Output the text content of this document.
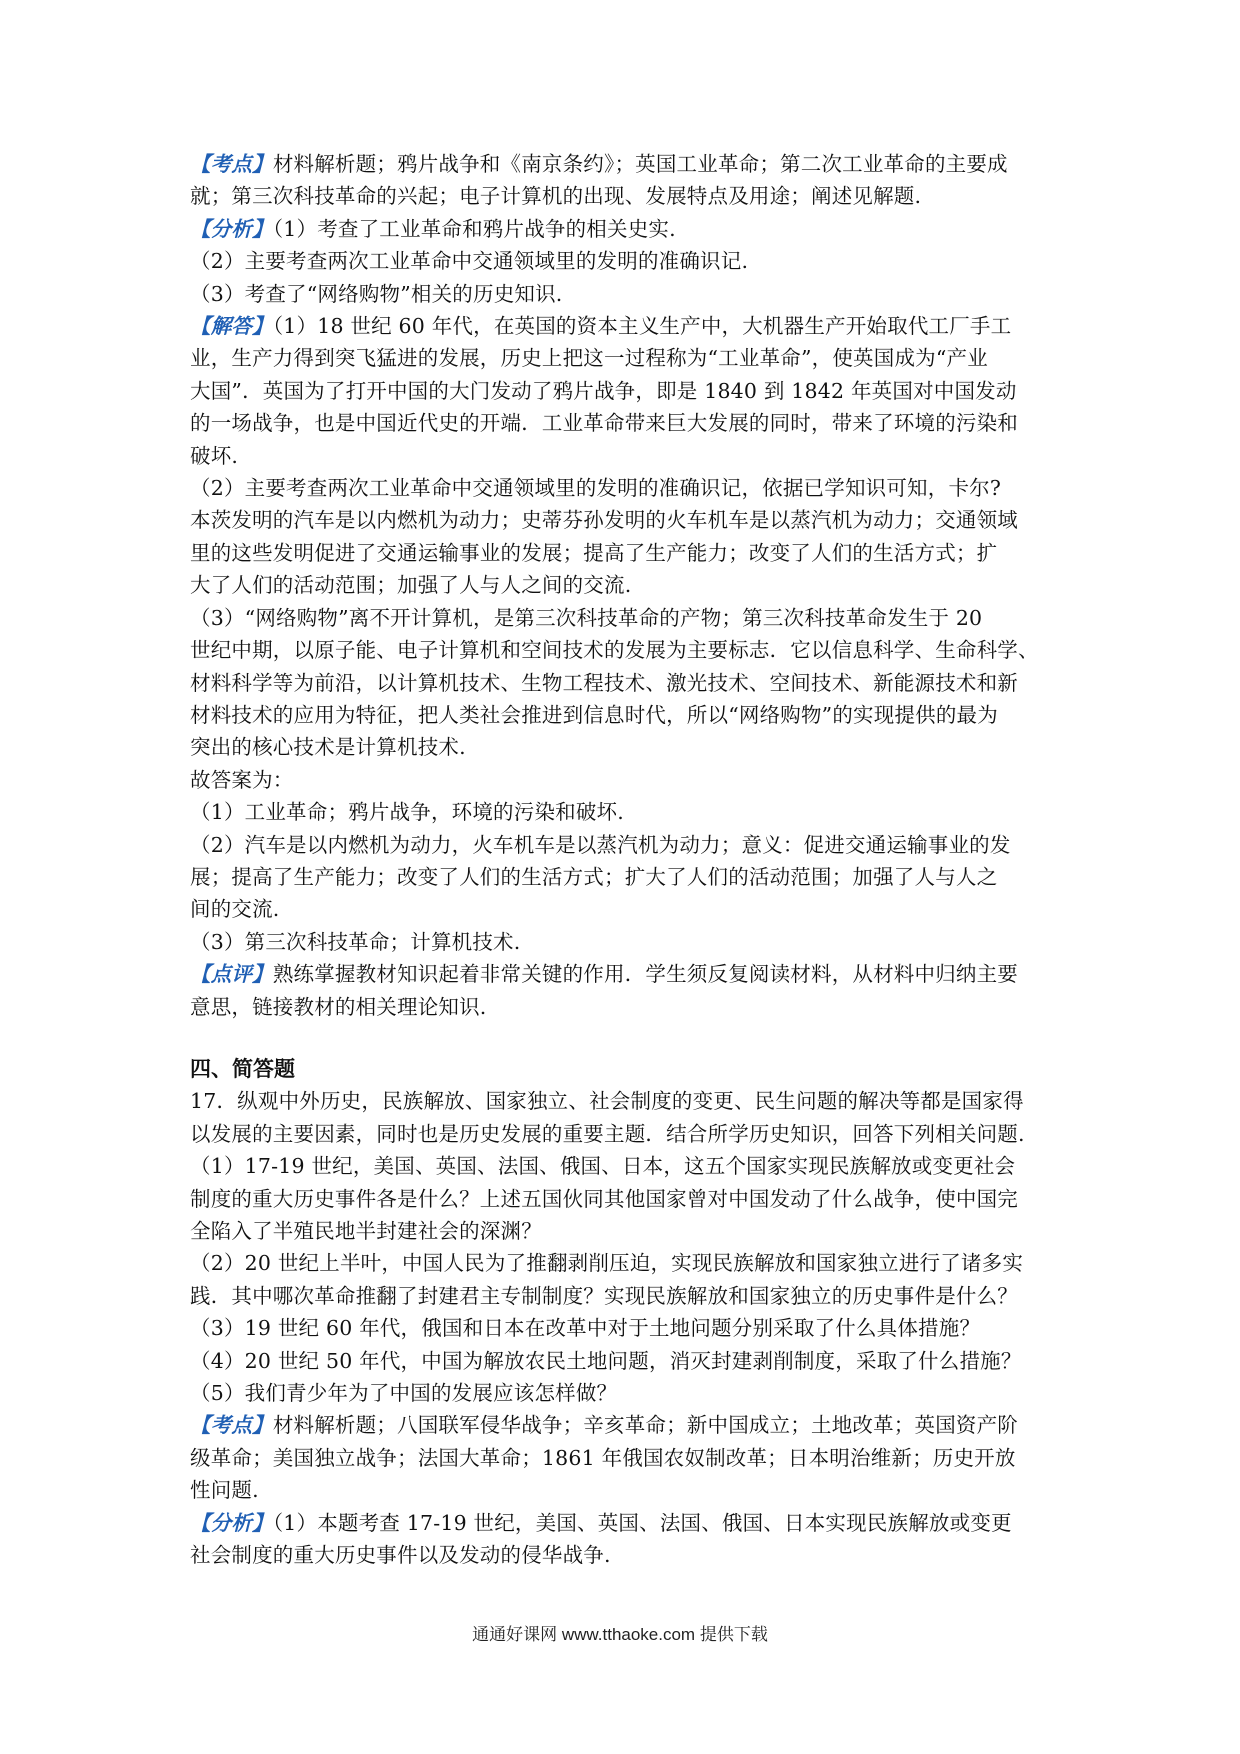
【考点】材料解析题；鸦片战争和《南京条约》；英国工业革命；第二次工业革命的主要成
就；第三次科技革命的兴起；电子计算机的出现、发展特点及用途；阐述见解题.
【分析】（1）考查了工业革命和鸦片战争的相关史实.
（2）主要考查两次工业革命中交通领域里的发明的准确识记.
（3）考查了“网络购物”相关的历史知识.
【解答】（1）18 世纪 60 年代，在英国的资本主义生产中，大机器生产开始取代工厂手工
业，生产力得到突飞猛进的发展，历史上把这一过程称为“工业革命”，使英国成为“产业
大国”．英国为了打开中国的大门发动了鸦片战争，即是 1840 到 1842 年英国对中国发动
的一场战争，也是中国近代史的开端．工业革命带来巨大发展的同时，带来了环境的污染和
破坏.
（2）主要考查两次工业革命中交通领域里的发明的准确识记，依据已学知识可知，卡尔?
本茨发明的汽车是以内燃机为动力；史蒂芬孙发明的火车机车是以蒸汽机为动力；交通领域
里的这些发明促进了交通运输事业的发展；提高了生产能力；改变了人们的生活方式；扩
大了人们的活动范围；加强了人与人之间的交流.
（3）“网络购物”离不开计算机，是第三次科技革命的产物；第三次科技革命发生于 20
世纪中期，以原子能、电子计算机和空间技术的发展为主要标志．它以信息科学、生命科学、
材料科学等为前沿，以计算机技术、生物工程技术、激光技术、空间技术、新能源技术和新
材料技术的应用为特征，把人类社会推进到信息时代，所以“网络购物”的实现提供的最为
突出的核心技术是计算机技术.
故答案为：
（1）工业革命；鸦片战争，环境的污染和破坏.
（2）汽车是以内燃机为动力，火车机车是以蒸汽机为动力；意义：促进交通运输事业的发
展；提高了生产能力；改变了人们的生活方式；扩大了人们的活动范围；加强了人与人之
间的交流.
（3）第三次科技革命；计算机技术.
【点评】熟练掌握教材知识起着非常关键的作用．学生须反复阅读材料，从材料中归纳主要
意思，链接教材的相关理论知识.
四、简答题
17．纵观中外历史，民族解放、国家独立、社会制度的变更、民生问题的解决等都是国家得
以发展的主要因素，同时也是历史发展的重要主题．结合所学历史知识，回答下列相关问题.
（1）17-19 世纪，美国、英国、法国、俄国、日本，这五个国家实现民族解放或变更社会
制度的重大历史事件各是什么？上述五国伙同其他国家曾对中国发动了什么战争，使中国完
全陷入了半殖民地半封建社会的深渊？
（2）20 世纪上半叶，中国人民为了推翻剥削压迫，实现民族解放和国家独立进行了诸多实
践．其中哪次革命推翻了封建君主专制制度？实现民族解放和国家独立的历史事件是什么？
（3）19 世纪 60 年代，俄国和日本在改革中对于土地问题分别采取了什么具体措施？
（4）20 世纪 50 年代，中国为解放农民土地问题，消灭封建剥削制度，采取了什么措施？
（5）我们青少年为了中国的发展应该怎样做？
【考点】材料解析题；八国联军侵华战争；辛亥革命；新中国成立；土地改革；英国资产阶
级革命；美国独立战争；法国大革命；1861 年俄国农奴制改革；日本明治维新；历史开放
性问题.
【分析】（1）本题考查 17-19 世纪，美国、英国、法国、俄国、日本实现民族解放或变更
社会制度的重大历史事件以及发动的侵华战争.
通通好课网 www.tthaoke.com 提供下载
